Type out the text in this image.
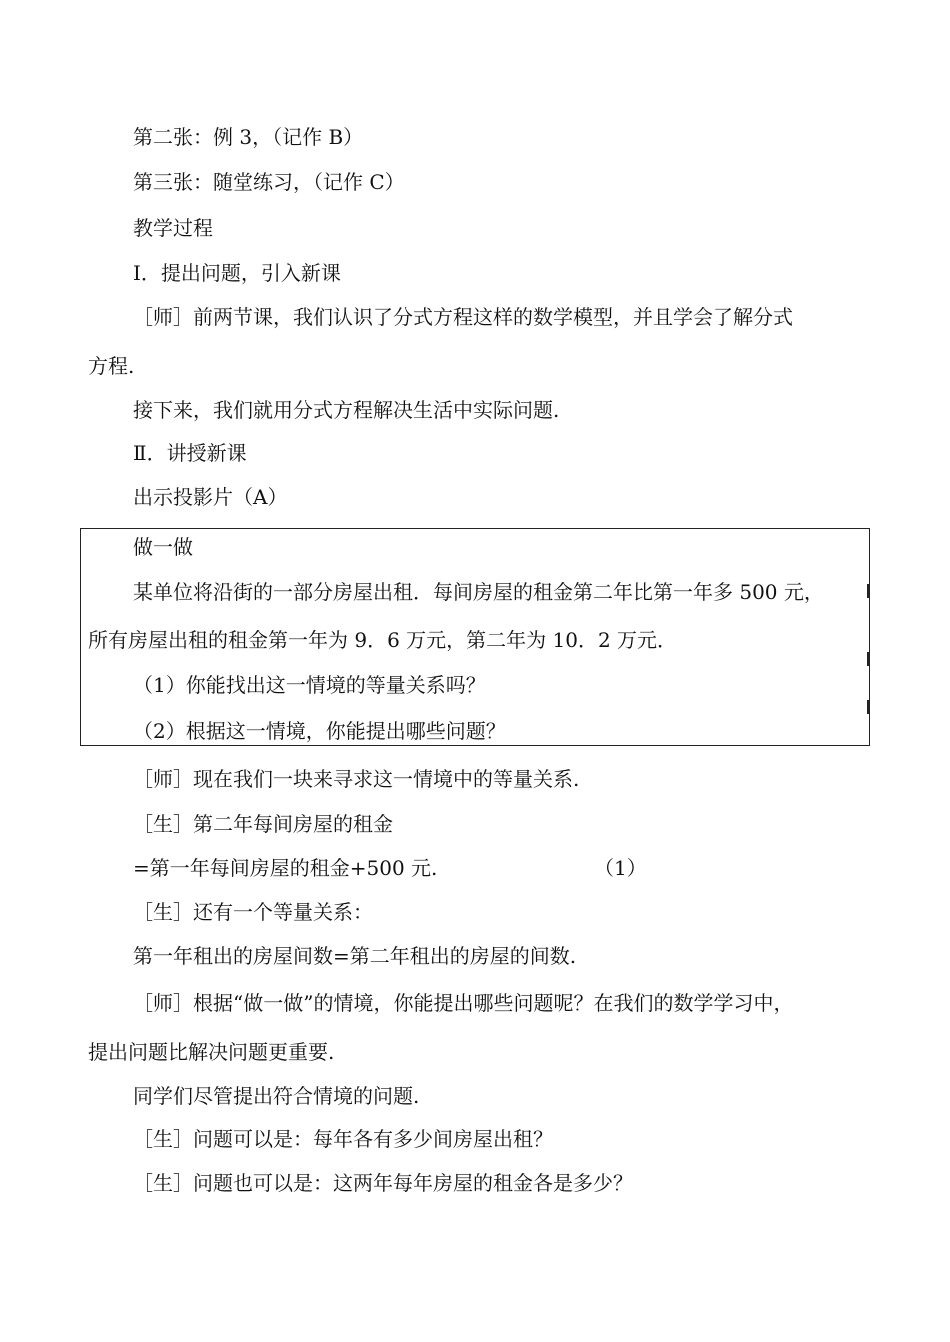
第二张：例 3，（记作 B）
第三张：随堂练习，（记作 C）
教学过程
Ⅰ．提出问题，引入新课
［师］前两节课，我们认识了分式方程这样的数学模型，并且学会了解分式
方程.
接下来，我们就用分式方程解决生活中实际问题.
Ⅱ．讲授新课
出示投影片（A）
做一做
某单位将沿街的一部分房屋出租．每间房屋的租金第二年比第一年多 500 元，
所有房屋出租的租金第一年为 9．6 万元，第二年为 10．2 万元．
（1）你能找出这一情境的等量关系吗？
（2）根据这一情境，你能提出哪些问题？
［师］现在我们一块来寻求这一情境中的等量关系.
［生］第二年每间房屋的租金
=第一年每间房屋的租金+500 元.	（1）
［生］还有一个等量关系：
第一年租出的房屋间数=第二年租出的房屋的间数.
［师］根据“做一做”的情境，你能提出哪些问题呢？在我们的数学学习中，
提出问题比解决问题更重要.
同学们尽管提出符合情境的问题.
［生］问题可以是：每年各有多少间房屋出租？
［生］问题也可以是：这两年每年房屋的租金各是多少？
